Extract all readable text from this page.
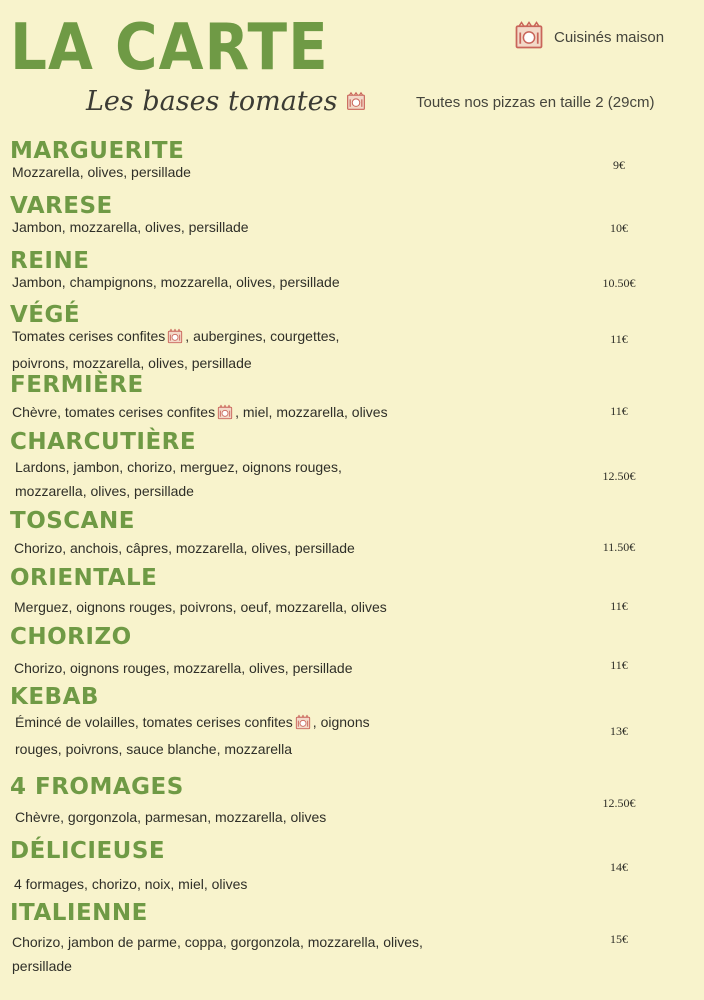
LA CARTE
Les bases tomates
Cuisinés maison
Toutes nos pizzas en taille 2 (29cm)
MARGUERITE
Mozzarella, olives, persillade	9€
VARESE
Jambon, mozzarella, olives, persillade	10€
REINE
Jambon, champignons, mozzarella, olives, persillade	10.50€
VÉGÉ
Tomates cerises confites , aubergines, courgettes,
poivrons, mozzarella, olives, persillade
11€
FERMIÈRE
Chèvre, tomates cerises confites , miel, mozzarella, olives	11€
CHARCUTIÈRE
Lardons, jambon, chorizo, merguez, oignons rouges,
mozzarella, olives, persillade
12.50€
TOSCANE
Chorizo, anchois, câpres, mozzarella, olives, persillade	11.50€
ORIENTALE
Merguez, oignons rouges, poivrons, oeuf, mozzarella, olives	11€
CHORIZO
Chorizo, oignons rouges, mozzarella, olives, persillade	11€
KEBAB
Émincé de volailles, tomates cerises confites , oignons
rouges, poivrons, sauce blanche, mozzarella
13€
4 FROMAGES
Chèvre, gorgonzola, parmesan, mozzarella, olives
12.50€
DÉLICIEUSE
4 formages, chorizo, noix, miel, olives
14€
ITALIENNE
Chorizo, jambon de parme, coppa, gorgonzola, mozzarella, olives,
persillade
15€
